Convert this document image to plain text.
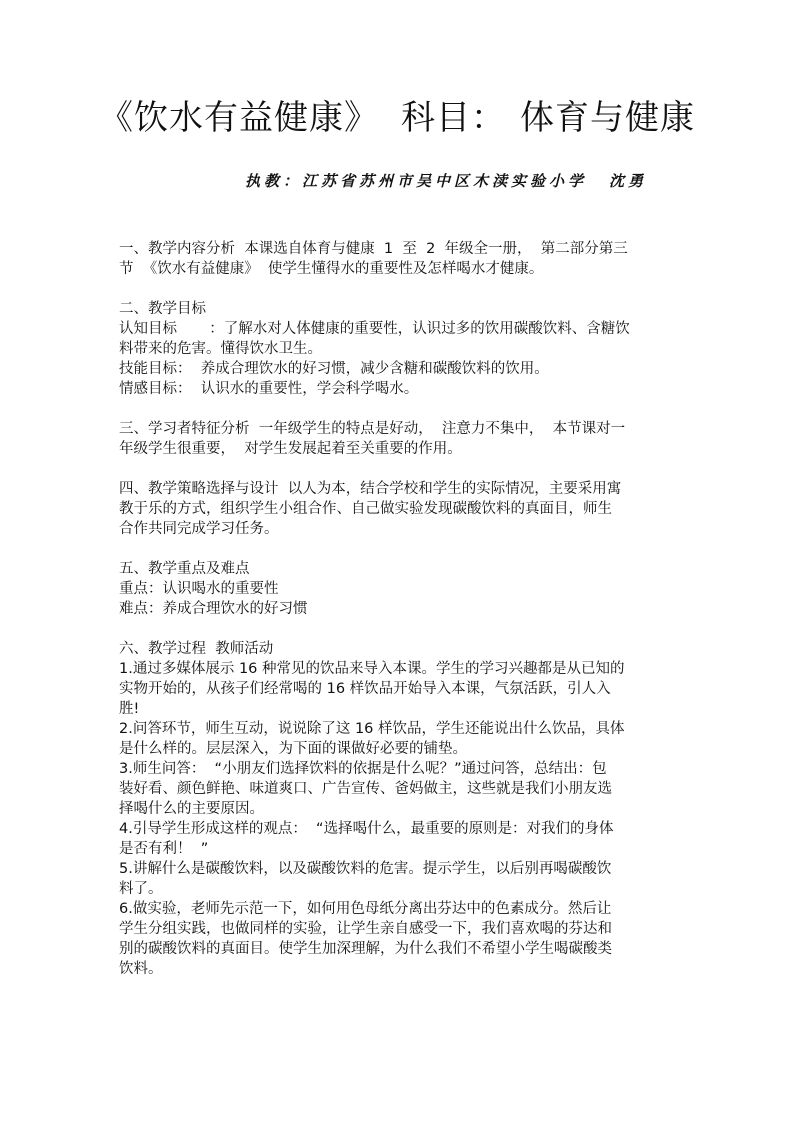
《饮水有益健康》 科目： 体育与健康
执教：江苏省苏州市吴中区木渎实验小学 沈勇

一、教学内容分析  本课选自体育与健康  1  至  2  年级全一册，  第二部分第三

节  《饮水有益健康》  使学生懂得水的重要性及怎样喝水才健康。

二、教学目标

认知目标       ：了解水对人体健康的重要性，认识过多的饮用碳酸饮料、含糖饮

料带来的危害。懂得饮水卫生。

技能目标：  养成合理饮水的好习惯，减少含糖和碳酸饮料的饮用。

情感目标：  认识水的重要性，学会科学喝水。

三、学习者特征分析  一年级学生的特点是好动，  注意力不集中，  本节课对一

年级学生很重要，  对学生发展起着至关重要的作用。

四、教学策略选择与设计  以人为本，结合学校和学生的实际情况，主要采用寓

教于乐的方式，组织学生小组合作、自己做实验发现碳酸饮料的真面目，师生

合作共同完成学习任务。

五、教学重点及难点

重点：认识喝水的重要性

难点：养成合理饮水的好习惯

六、教学过程  教师活动

1.通过多媒体展示 16 种常见的饮品来导入本课。学生的学习兴趣都是从已知的

实物开始的，从孩子们经常喝的 16 样饮品开始导入本课，气氛活跃，引人入

胜!

2.问答环节，师生互动，说说除了这 16 样饮品，学生还能说出什么饮品，具体

是什么样的。层层深入，为下面的课做好必要的铺垫。

3.师生问答：  “小朋友们选择饮料的依据是什么呢？”通过问答，总结出：包

装好看、颜色鲜艳、味道爽口、广告宣传、爸妈做主，这些就是我们小朋友选

择喝什么的主要原因。

4.引导学生形成这样的观点：  “选择喝什么，最重要的原则是：对我们的身体

是否有利！  ”

5.讲解什么是碳酸饮料，以及碳酸饮料的危害。提示学生，以后别再喝碳酸饮

料了。

6.做实验，老师先示范一下，如何用色母纸分离出芬达中的色素成分。然后让

学生分组实践，也做同样的实验，让学生亲自感受一下，我们喜欢喝的芬达和

别的碳酸饮料的真面目。使学生加深理解，为什么我们不希望小学生喝碳酸类

饮料。
